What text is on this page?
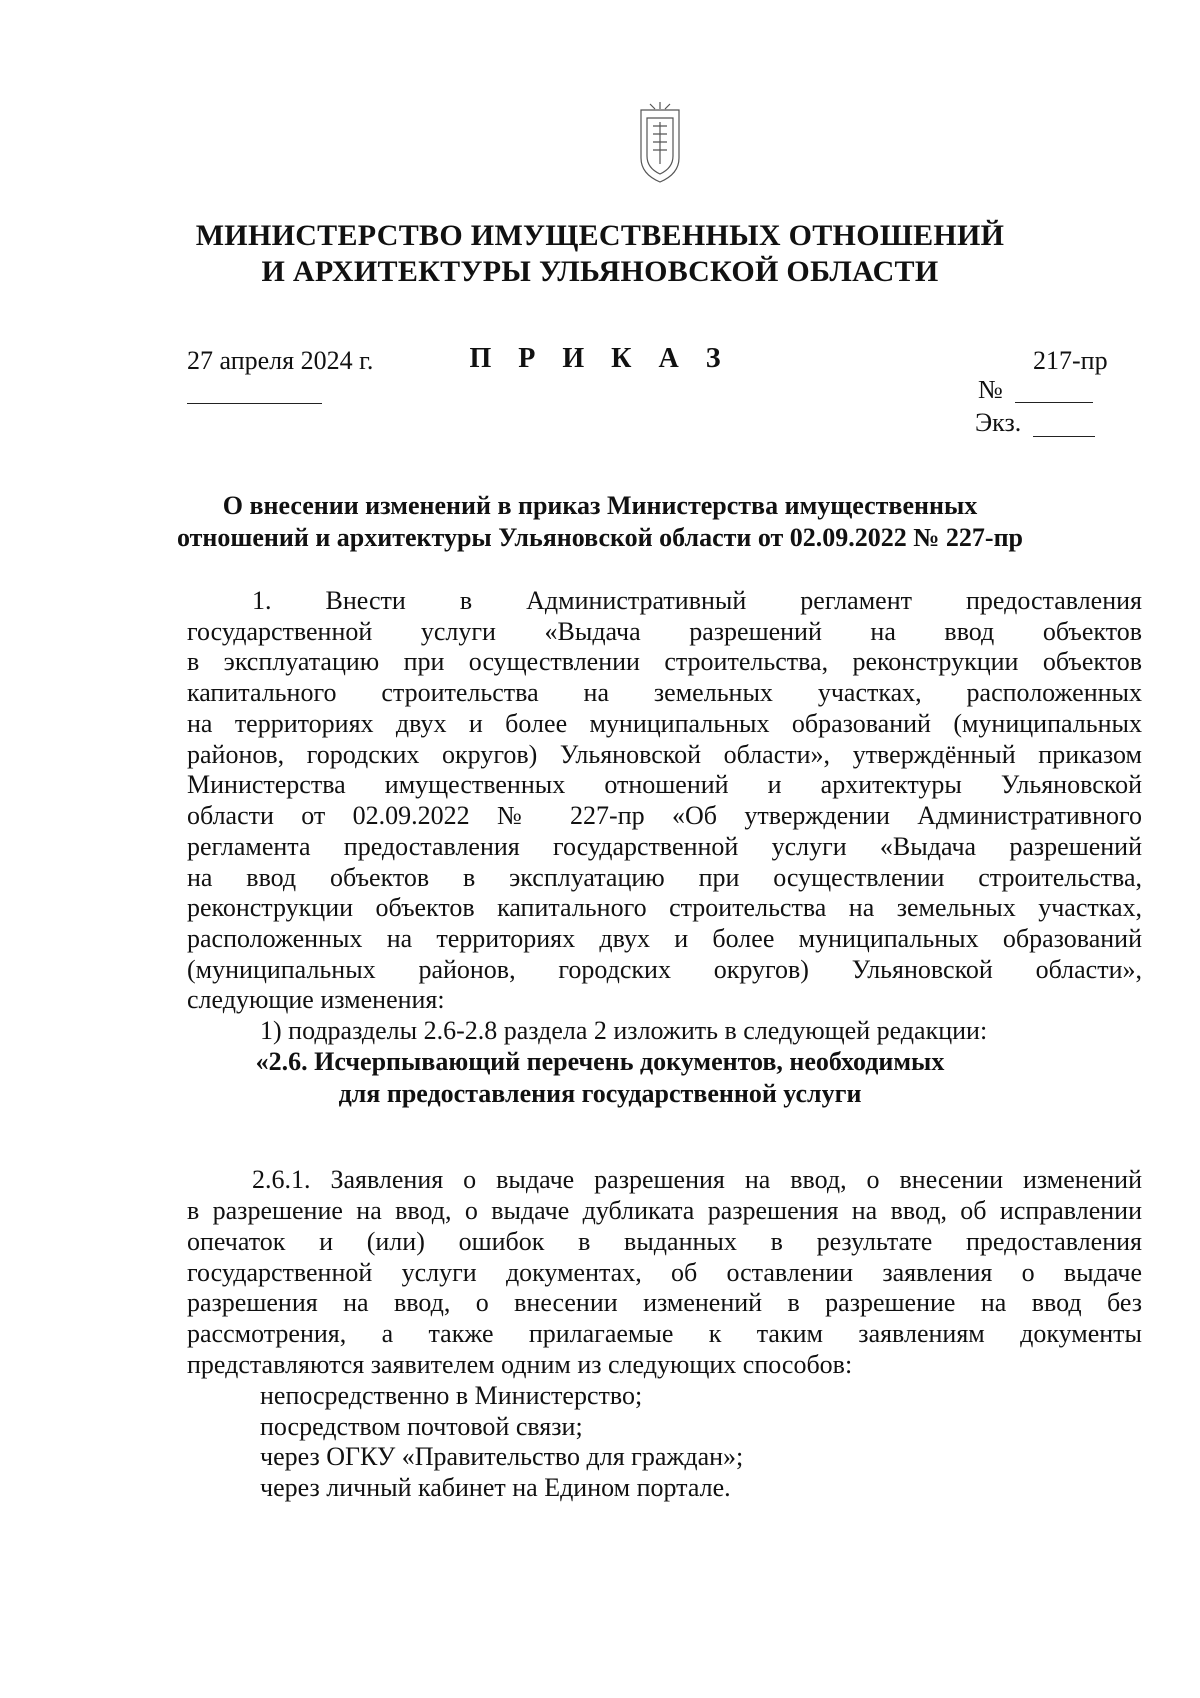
МИНИСТЕРСТВО ИМУЩЕСТВЕННЫХ ОТНОШЕНИЙ
И АРХИТЕКТУРЫ УЛЬЯНОВСКОЙ ОБЛАСТИ
П Р И К А З
27 апреля 2024 г.	217-пр
№
Экз.
О внесении изменений в приказ Министерства имущественных
отношений и архитектуры Ульяновской области от 02.09.2022 № 227-пр
1. Внести в Административный регламент предоставления
государственной услуги «Выдача разрешений на ввод объектов
в эксплуатацию при осуществлении строительства, реконструкции объектов
капитального строительства на земельных участках, расположенных
на территориях двух и более муниципальных образований (муниципальных
районов, городских округов) Ульяновской области», утверждённый приказом
Министерства имущественных отношений и архитектуры Ульяновской
области от 02.09.2022 № 227-пр «Об утверждении Административного
регламента предоставления государственной услуги «Выдача разрешений
на ввод объектов в эксплуатацию при осуществлении строительства,
реконструкции объектов капитального строительства на земельных участках,
расположенных на территориях двух и более муниципальных образований
(муниципальных районов, городских округов) Ульяновской области»,
следующие изменения:
1) подразделы 2.6-2.8 раздела 2 изложить в следующей редакции:
«2.6. Исчерпывающий перечень документов, необходимых
для предоставления государственной услуги
2.6.1. Заявления о выдаче разрешения на ввод, о внесении изменений
в разрешение на ввод, о выдаче дубликата разрешения на ввод, об исправлении
опечаток и (или) ошибок в выданных в результате предоставления
государственной услуги документах, об оставлении заявления о выдаче
разрешения на ввод, о внесении изменений в разрешение на ввод без
рассмотрения, а также прилагаемые к таким заявлениям документы
представляются заявителем одним из следующих способов:
непосредственно в Министерство;
посредством почтовой связи;
через ОГКУ «Правительство для граждан»;
через личный кабинет на Едином портале.
